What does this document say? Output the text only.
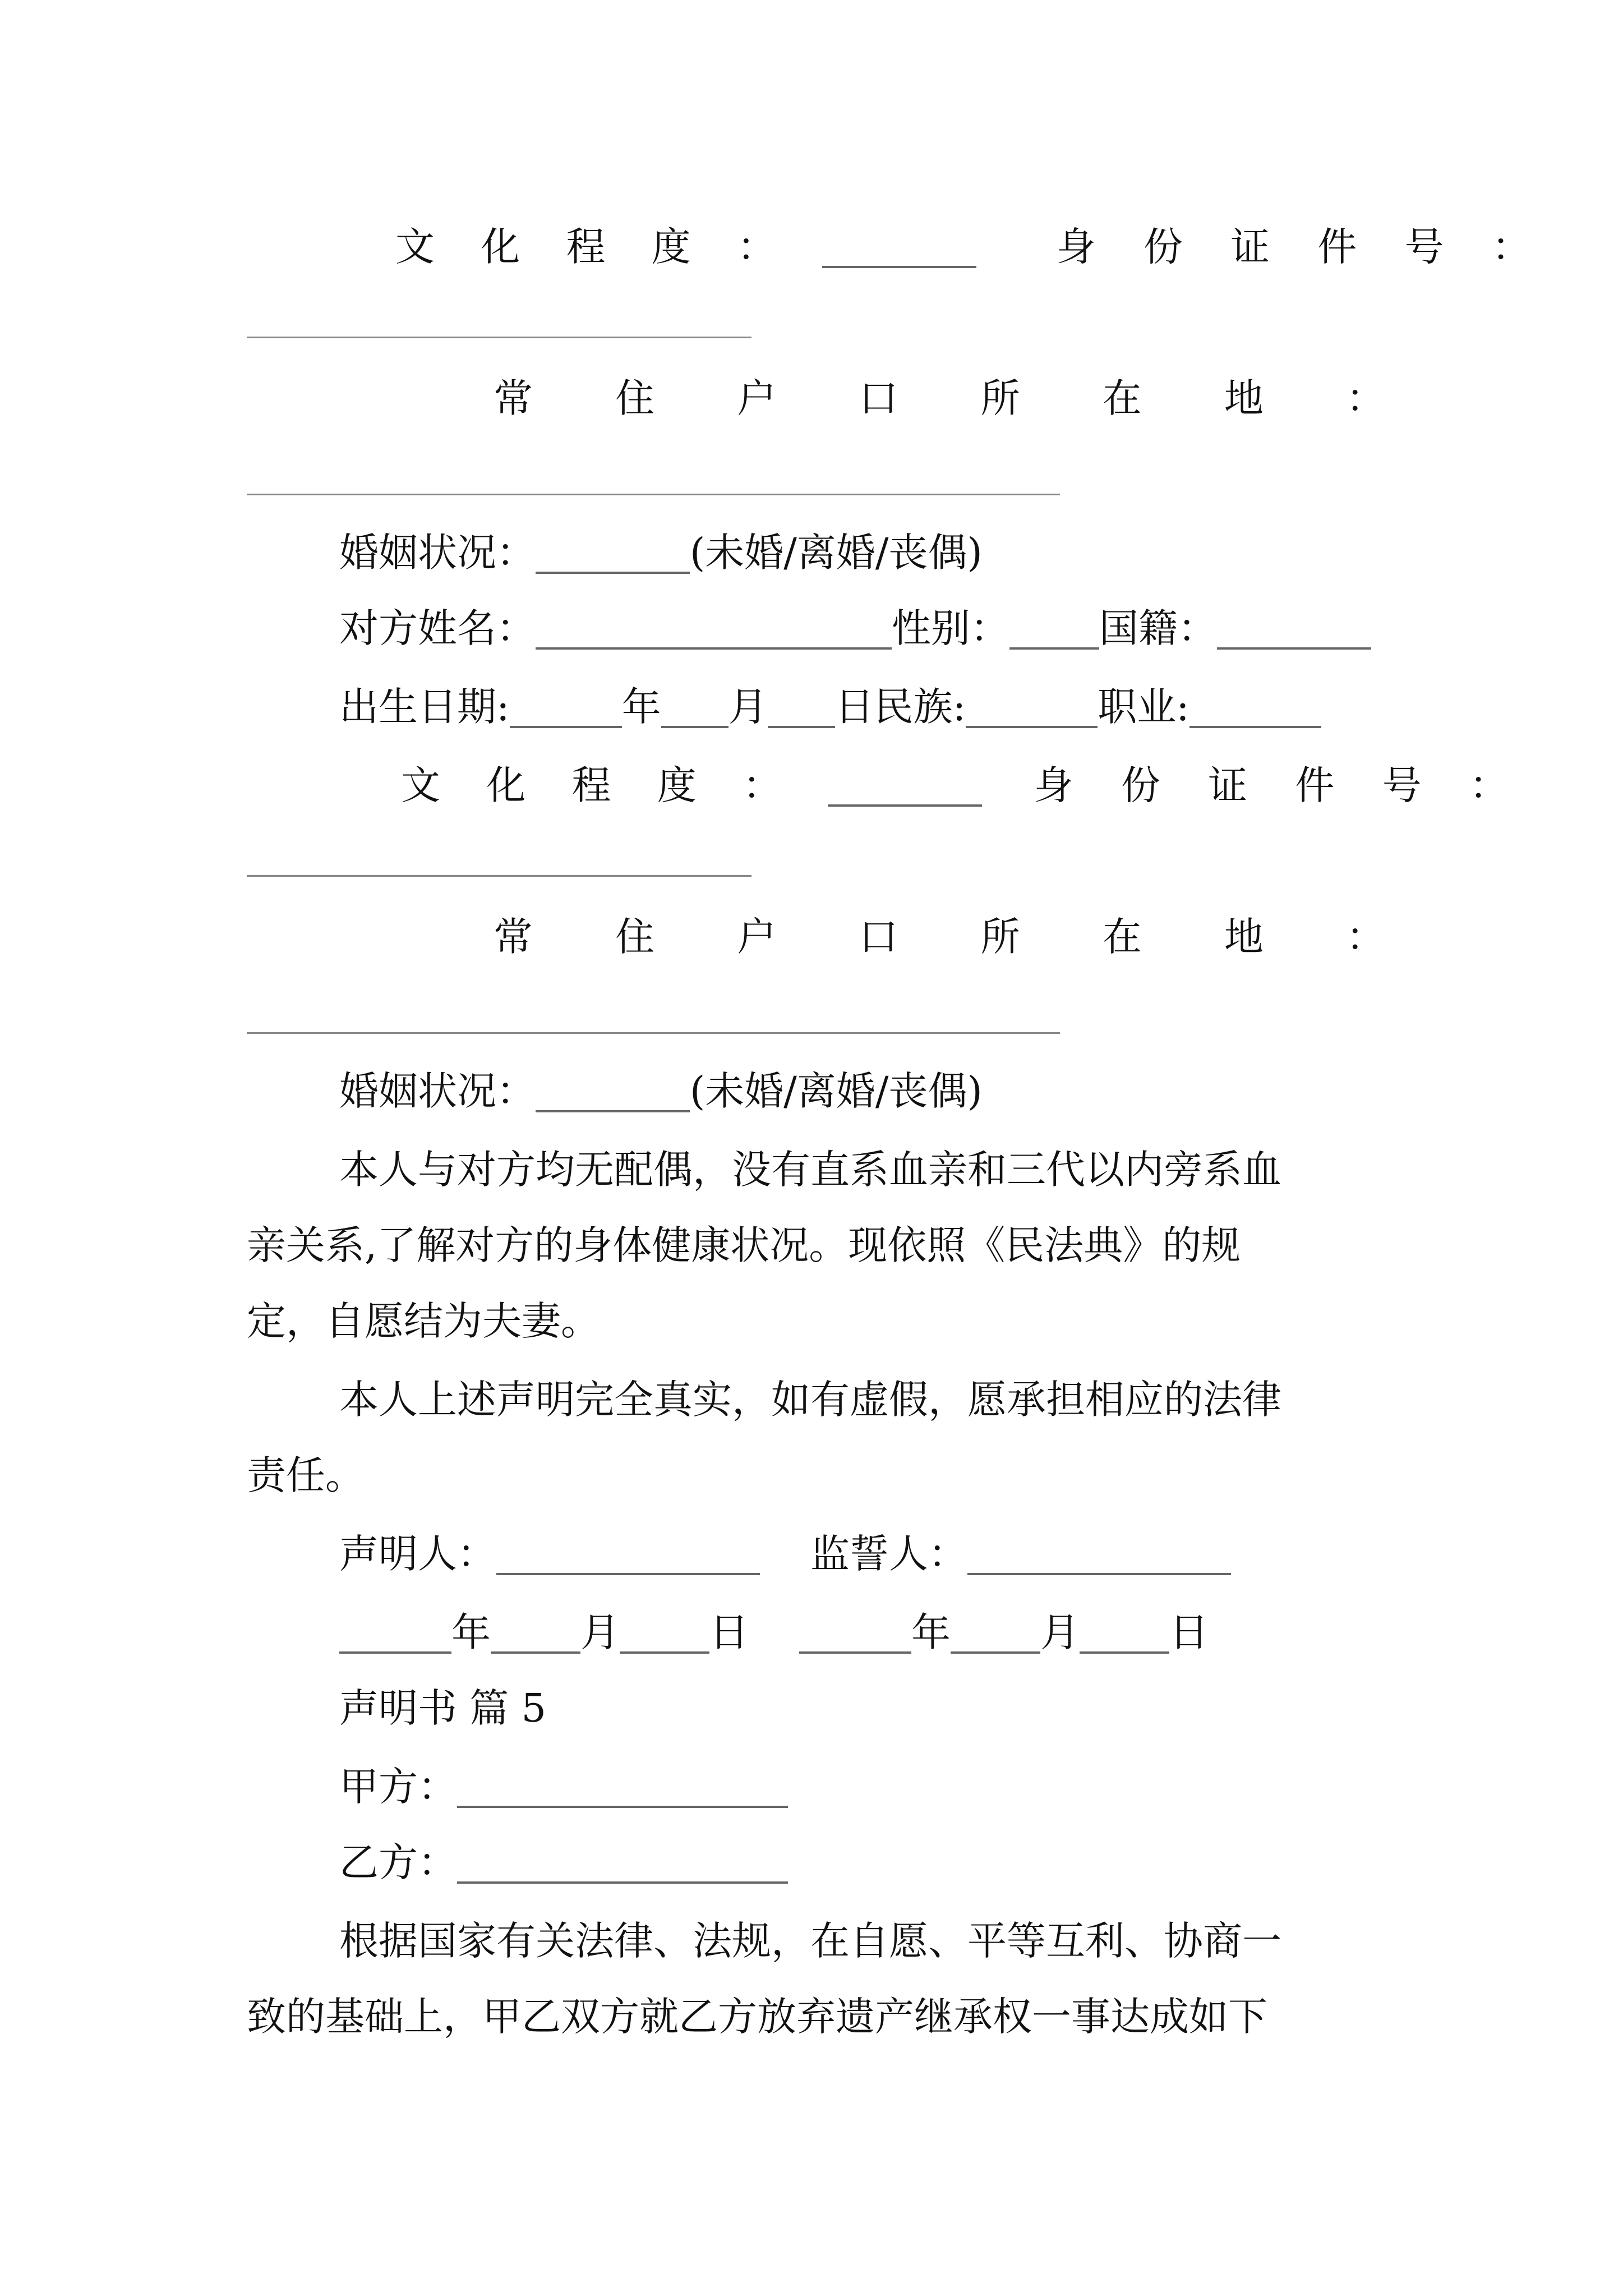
文 化 程 度 ：	身 份 证 件 号 ：
常 住 户 口 所 在 地 ：
婚姻状况：	(未婚/离婚/丧偶)
对方姓名：	性别： 国籍：
出生日期:	年 月 日民族:	职业:
文 化 程 度 ：	身 份 证 件 号 ：
常 住 户 口 所 在 地 ：
婚姻状况：	(未婚/离婚/丧偶)
本人与对方均无配偶，没有直系血亲和三代以内旁系血
亲关系,了解对方的身体健康状况。现依照《民法典》的规
定，自愿结为夫妻。
本人上述声明完全真实，如有虚假，愿承担相应的法律
责任。
声明人：	监誓人：
年 月 日	年 月 日
声明书 篇 5
甲方：
乙方：
根据国家有关法律、法规，在自愿、平等互利、协商一
致的基础上，甲乙双方就乙方放弃遗产继承权一事达成如下
